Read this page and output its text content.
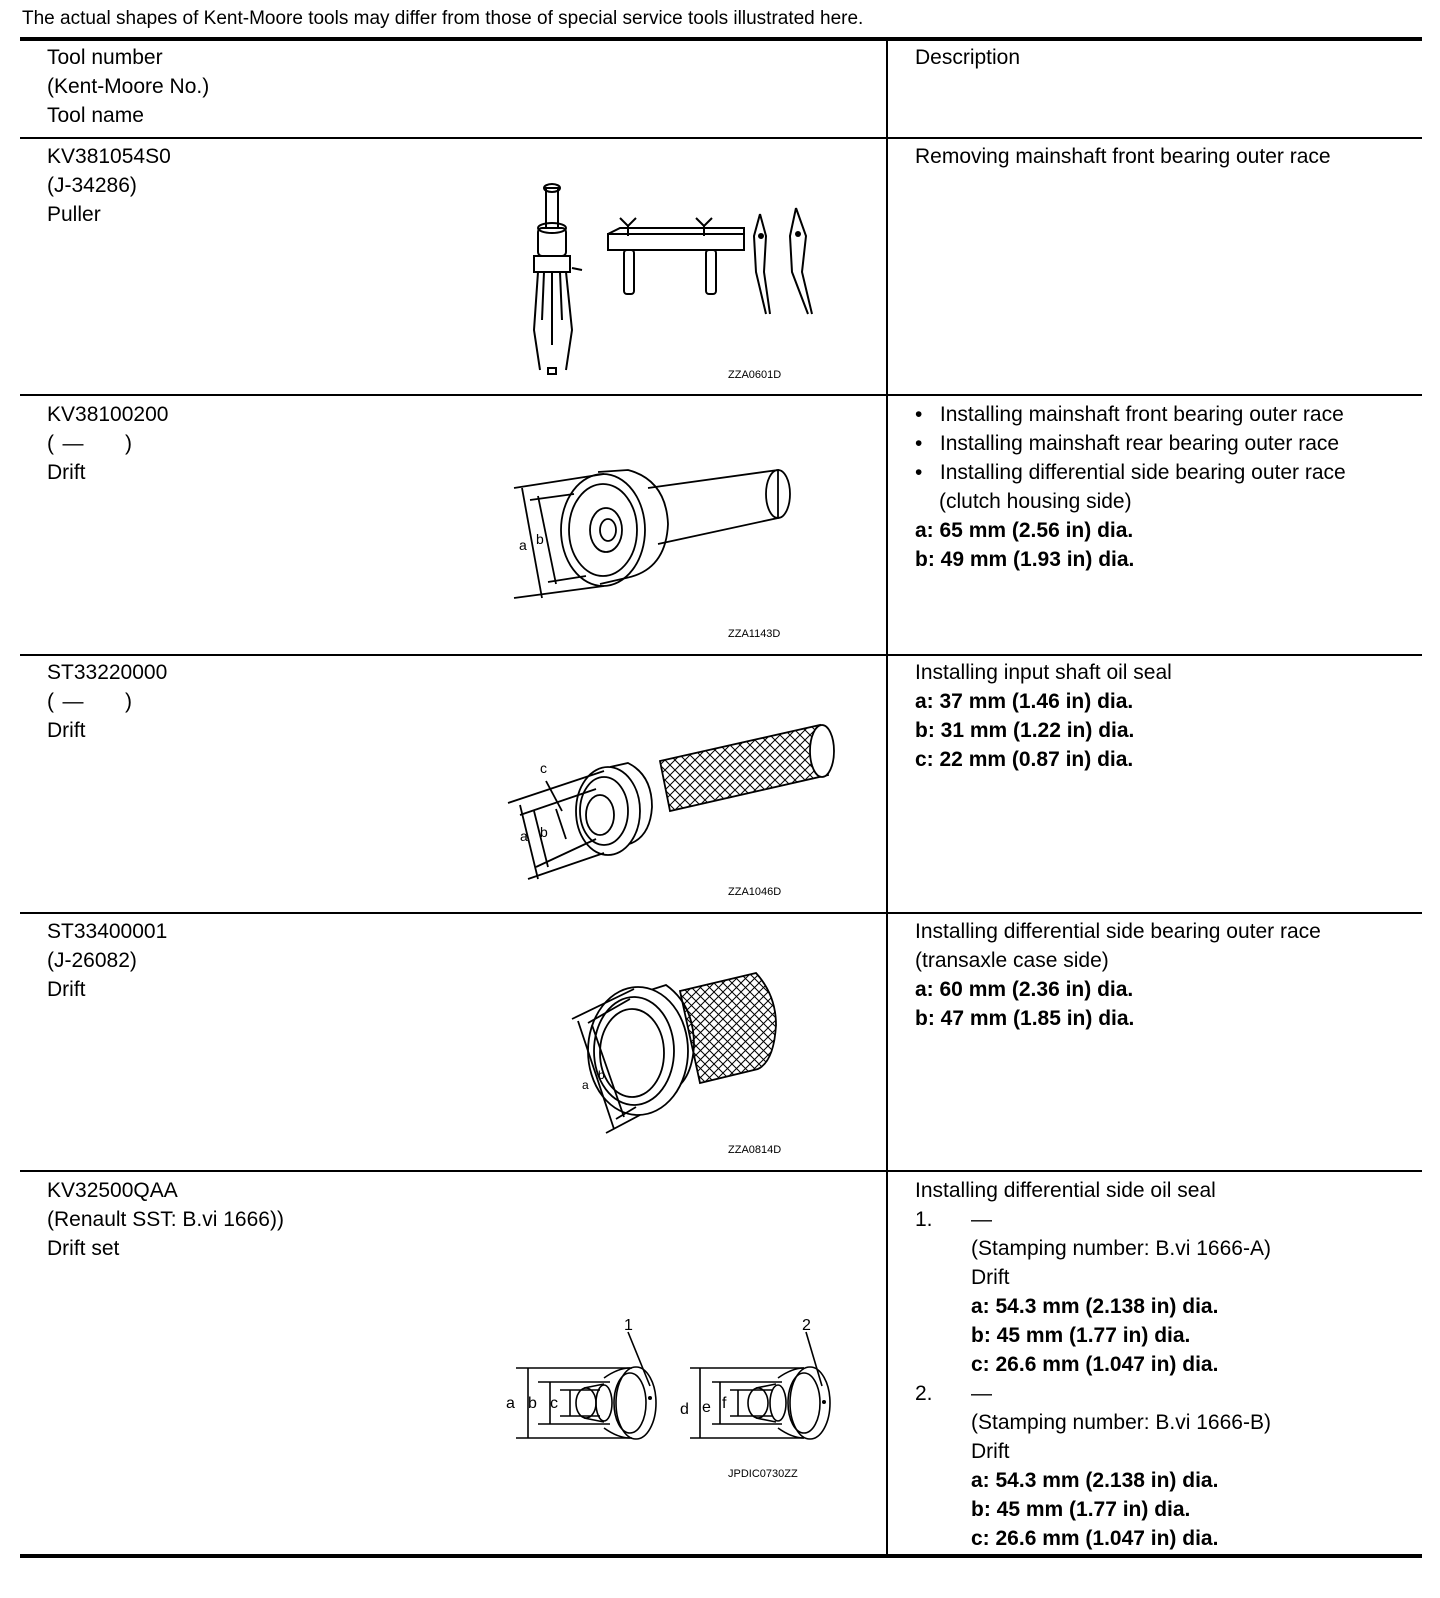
The actual shapes of Kent-Moore tools may differ from those of special service tools illustrated here.
Tool number
(Kent-Moore No.)
Tool name
Description
KV381054S0
(J-34286)
Puller
ZZA0601D
Removing mainshaft front bearing outer race
KV38100200
( — )
Drift
a b
ZZA1143D
•   Installing mainshaft front bearing outer race
•   Installing mainshaft rear bearing outer race
•   Installing differential side bearing outer race (clutch housing side)
a: 65 mm (2.56 in) dia.
b: 49 mm (1.93 in) dia.
ST33220000
( — )
Drift
c
a b
ZZA1046D
Installing input shaft oil seal
a: 37 mm (1.46 in) dia.
b: 31 mm (1.22 in) dia.
c: 22 mm (0.87 in) dia.
ST33400001
(J-26082)
Drift
a
b
ZZA0814D
Installing differential side bearing outer race
(transaxle case side)
a: 60 mm (2.36 in) dia.
b: 47 mm (1.85 in) dia.
KV32500QAA
(Renault SST: B.vi 1666))
Drift set
a b c	d e f
1	2
JPDIC0730ZZ
Installing differential side oil seal
1. —
(Stamping number: B.vi 1666-A)
Drift
a: 54.3 mm (2.138 in) dia.
b: 45 mm (1.77 in) dia.
c: 26.6 mm (1.047 in) dia.
2. —
(Stamping number: B.vi 1666-B)
Drift
a: 54.3 mm (2.138 in) dia.
b: 45 mm (1.77 in) dia.
c: 26.6 mm (1.047 in) dia.
